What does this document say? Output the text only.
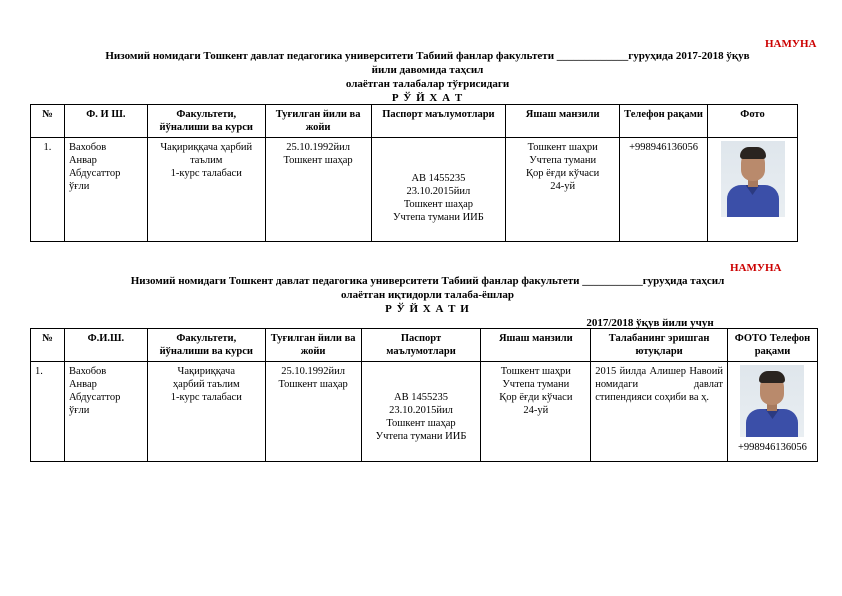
НАМУНА
Низомий номидаги Тошкент давлат педагогика университети Табиий фанлар факультети _____________гуруҳида 2017-2018 ўқув
йили давомида таҳсил
олаётган талабалар тўғрисидаги
Р Ў Й Х А Т
№	Ф. И Ш.	Факультети, йўналиши ва курси	Туғилган йили ва жойи	Паспорт маълумотлари	Яшаш манзили	Телефон рақами	Фото
1.	Вахобов
Анвар
Абдусаттор
ўғли	Чақириққача ҳарбий
таълим
1-курс талабаси	25.10.1992йил
Тошкент шаҳар	АВ 1455235
23.10.2015йил
Тошкент шаҳар
Учтепа тумани ИИБ	Тошкент шаҳри
Учтепа тумани
Қор ёғди кўчаси
24-уй	+998946136056	
НАМУНА
Низомий номидаги Тошкент давлат педагогика университети Табиий фанлар факультети ___________гуруҳида таҳсил
олаётган иқтидорли талаба-ёшлар
Р Ў Й Х А Т И
2017/2018 ўқув йили учун
№	Ф.И.Ш.	Факультети, йўналиши ва курси	Туғилган йили ва жойи	Паспорт маълумотлари	Яшаш манзили	Талабанинг эришган ютуқлари	ФОТО Телефон рақами
1.	Вахобов
Анвар
Абдусаттор
ўғли	Чақириққача
ҳарбий таълим
1-курс талабаси	25.10.1992йил
Тошкент шаҳар	АВ 1455235
23.10.2015йил
Тошкент шаҳар
Учтепа тумани ИИБ	Тошкент шаҳри
Учтепа тумани
Қор ёғди кўчаси
24-уй	2015 йилда Алишер Навоий номидаги давлат стипендияси соҳиби ва ҳ.	+998946136056
